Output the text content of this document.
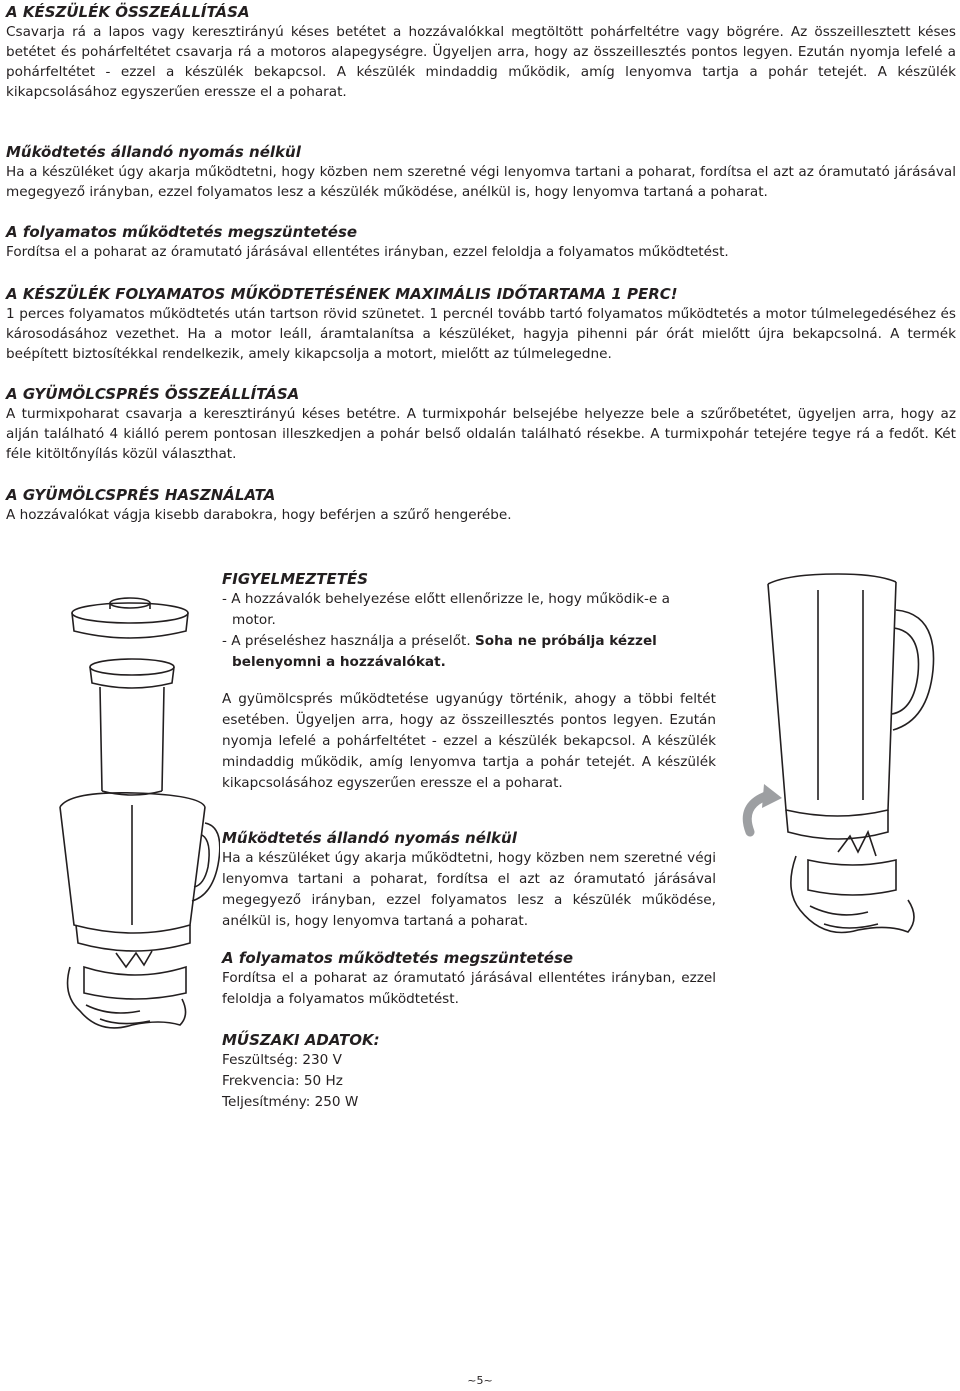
A KÉSZÜLÉK ÖSSZEÁLLÍTÁSA

Csavarja rá a lapos vagy keresztirányú késes betétet a hozzávalókkal megtöltött pohárfeltétre vagy bögrére. Az összeillesztett késes betétet és pohárfeltétet csavarja rá a motoros alapegységre. Ügyeljen arra, hogy az összeillesztés pontos legyen. Ezután nyomja lefelé a pohárfeltétet - ezzel a készülék bekapcsol. A készülék mindaddig működik, amíg lenyomva tartja a pohár tetejét. A készülék kikapcsolásához egyszerűen eressze el a poharat.

Működtetés állandó nyomás nélkül

Ha a készüléket úgy akarja működtetni, hogy közben nem szeretné végi lenyomva tartani a poharat, fordítsa el azt az óramutató járásával megegyező irányban, ezzel folyamatos lesz a készülék működése, anélkül is, hogy lenyomva tartaná a poharat.

A folyamatos működtetés megszüntetése

Fordítsa el a poharat az óramutató járásával ellentétes irányban, ezzel feloldja a folyamatos működtetést.

A KÉSZÜLÉK FOLYAMATOS MŰKÖDTETÉSÉNEK MAXIMÁLIS IDŐTARTAMA 1 PERC!

1 perces folyamatos működtetés után tartson rövid szünetet. 1 percnél tovább tartó folyamatos működtetés a motor túlmelegedéséhez és károsodásához vezethet. Ha a motor leáll, áramtalanítsa a készüléket, hagyja pihenni pár órát mielőtt újra bekapcsolná. A termék beépített biztosítékkal rendelkezik, amely kikapcsolja a motort, mielőtt az túlmelegedne.

A GYÜMÖLCSPRÉS ÖSSZEÁLLÍTÁSA

A turmixpoharat csavarja a keresztirányú késes betétre. A turmixpohár belsejébe helyezze bele a szűrőbetétet, ügyeljen arra, hogy az alján található 4 kiálló perem pontosan illeszkedjen a pohár belső oldalán található résekbe. A turmixpohár tetejére tegye rá a fedőt. Két féle kitöltőnyílás közül választhat.

A GYÜMÖLCSPRÉS HASZNÁLATA

A hozzávalókat vágja kisebb darabokra, hogy beférjen a szűrő hengerébe.

FIGYELMEZTETÉS

- A hozzávalók behelyezése előtt ellenőrizze le, hogy működik-e a motor.
- A préseléshez használja a préselőt. Soha ne próbálja kézzel belenyomni a hozzávalókat.

A gyümölcsprés működtetése ugyanúgy történik, ahogy a többi feltét esetében. Ügyeljen arra, hogy az összeillesztés pontos legyen. Ezután nyomja lefelé a pohárfeltétet - ezzel a készülék bekapcsol. A készülék mindaddig működik, amíg lenyomva tartja a pohár tetejét. A készülék kikapcsolásához egyszerűen eressze el a poharat.

Működtetés állandó nyomás nélkül

Ha a készüléket úgy akarja működtetni, hogy közben nem szeretné végi lenyomva tartani a poharat, fordítsa el azt az óramutató járásával megegyező irányban, ezzel folyamatos lesz a készülék működése, anélkül is, hogy lenyomva tartaná a poharat.

A folyamatos működtetés megszüntetése

Fordítsa el a poharat az óramutató járásával ellentétes irányban, ezzel feloldja a folyamatos működtetést.

MŰSZAKI ADATOK:

Feszültség: 230 V

Frekvencia: 50 Hz

Teljesítmény: 250 W

~5~
